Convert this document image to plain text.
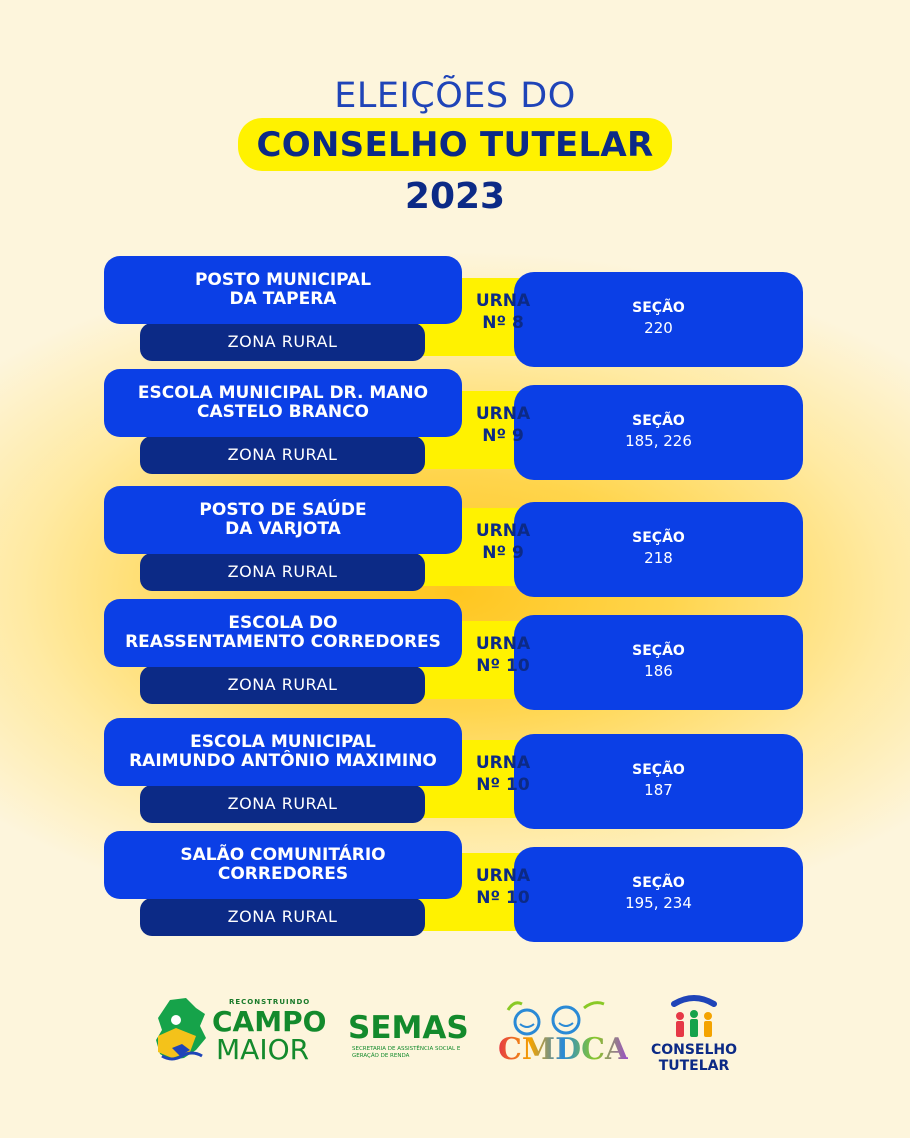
ELEIÇÕES DO
CONSELHO TUTELAR
2023
SEÇÃO
220
URNA
Nº 8
ZONA RURAL
POSTO MUNICIPAL
DA TAPERA
SEÇÃO
185, 226
URNA
Nº 9
ZONA RURAL
ESCOLA MUNICIPAL DR. MANO
CASTELO BRANCO
SEÇÃO
218
URNA
Nº 9
ZONA RURAL
POSTO DE SAÚDE
DA VARJOTA
SEÇÃO
186
URNA
Nº 10
ZONA RURAL
ESCOLA DO
REASSENTAMENTO CORREDORES
SEÇÃO
187
URNA
Nº 10
ZONA RURAL
ESCOLA MUNICIPAL
RAIMUNDO ANTÔNIO MAXIMINO
SEÇÃO
195, 234
URNA
Nº 10
ZONA RURAL
SALÃO COMUNITÁRIO
CORREDORES
RECONSTRUINDO
CAMPO
MAIOR
SEMAS
SECRETARIA DE ASSISTÊNCIA SOCIAL E GERAÇÃO DE RENDA	CMDCA	CONSELHO
TUTELAR
